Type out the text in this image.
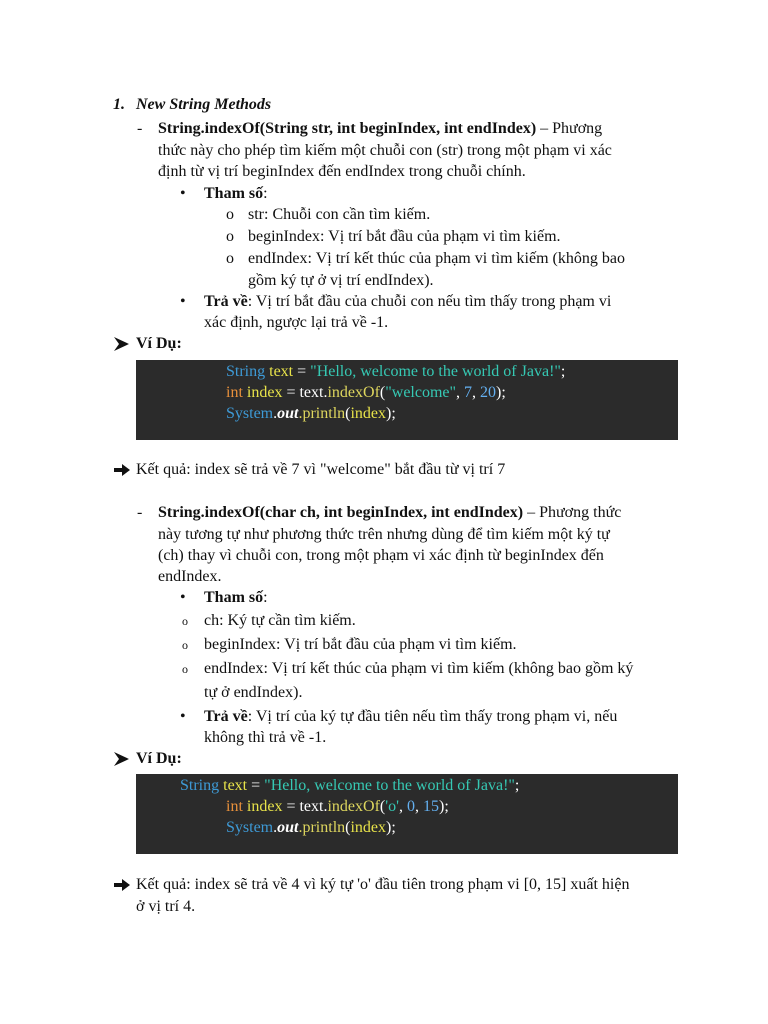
1. New String Methods
- String.indexOf(String str, int beginIndex, int endIndex) – Phương
thức này cho phép tìm kiếm một chuỗi con (str) trong một phạm vi xác
định từ vị trí beginIndex đến endIndex trong chuỗi chính.
• Tham số:
o str: Chuỗi con cần tìm kiếm.
o beginIndex: Vị trí bắt đầu của phạm vi tìm kiếm.
o endIndex: Vị trí kết thúc của phạm vi tìm kiếm (không bao
gồm ký tự ở vị trí endIndex).
• Trả về: Vị trí bắt đầu của chuỗi con nếu tìm thấy trong phạm vi
xác định, ngược lại trả về -1.
Ví Dụ:
String text = "Hello, welcome to the world of Java!";
int index = text.indexOf("welcome", 7, 20);
System.out.println(index);
Kết quả: index sẽ trả về 7 vì "welcome" bắt đầu từ vị trí 7
- String.indexOf(char ch, int beginIndex, int endIndex) – Phương thức
này tương tự như phương thức trên nhưng dùng để tìm kiếm một ký tự
(ch) thay vì chuỗi con, trong một phạm vi xác định từ beginIndex đến
endIndex.
• Tham số:
o ch: Ký tự cần tìm kiếm.
o beginIndex: Vị trí bắt đầu của phạm vi tìm kiếm.
o endIndex: Vị trí kết thúc của phạm vi tìm kiếm (không bao gồm ký
tự ở endIndex).
• Trả về: Vị trí của ký tự đầu tiên nếu tìm thấy trong phạm vi, nếu
không thì trả về -1.
Ví Dụ:
String text = "Hello, welcome to the world of Java!";
int index = text.indexOf('o', 0, 15);
System.out.println(index);
Kết quả: index sẽ trả về 4 vì ký tự 'o' đầu tiên trong phạm vi [0, 15] xuất hiện
ở vị trí 4.
